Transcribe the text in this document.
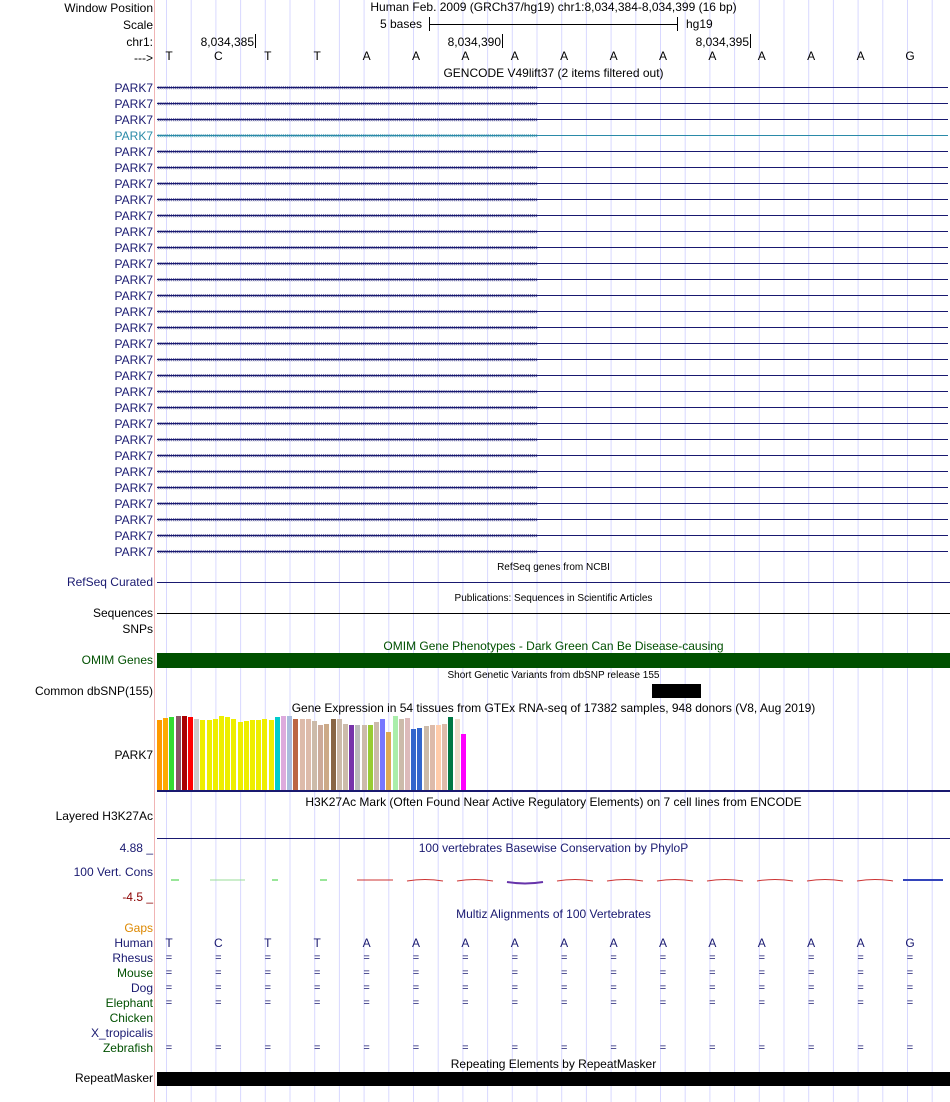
Window Position	Human Feb. 2009 (GRCh37/hg19) chr1:8,034,384-8,034,399 (16 bp)
Scale	5 bases	hg19
chr1:	8,034,385	8,034,390	8,034,395
--->	T	C	T	T	A	A	A	A	A	A	A	A	A	A	A	G
GENCODE V49lift37 (2 items filtered out)
››››››››››››››››››››››››››››››››››››››››››››››››››››››››››››››››››››››››››››››››››››››››››››››››››››››››››››››››››››››››››››››››››››››››››››››››››››››››››››››››››››››››››››››››››››››››››››››››››››››››
PARK7
››››››››››››››››››››››››››››››››››››››››››››››››››››››››››››››››››››››››››››››››››››››››››››››››››››››››››››››››››››››››››››››››››››››››››››››››››››››››››››››››››››››››››››››››››››››››››››››››››››››››
PARK7
››››››››››››››››››››››››››››››››››››››››››››››››››››››››››››››››››››››››››››››››››››››››››››››››››››››››››››››››››››››››››››››››››››››››››››››››››››››››››››››››››››››››››››››››››››››››››››››››››››››››
PARK7
››››››››››››››››››››››››››››››››››››››››››››››››››››››››››››››››››››››››››››››››››››››››››››››››››››››››››››››››››››››››››››››››››››››››››››››››››››››››››››››››››››››››››››››››››››››››››››››››››››››››
PARK7
››››››››››››››››››››››››››››››››››››››››››››››››››››››››››››››››››››››››››››››››››››››››››››››››››››››››››››››››››››››››››››››››››››››››››››››››››››››››››››››››››››››››››››››››››››››››››››››››››››››››
PARK7
››››››››››››››››››››››››››››››››››››››››››››››››››››››››››››››››››››››››››››››››››››››››››››››››››››››››››››››››››››››››››››››››››››››››››››››››››››››››››››››››››››››››››››››››››››››››››››››››››››››››
PARK7
››››››››››››››››››››››››››››››››››››››››››››››››››››››››››››››››››››››››››››››››››››››››››››››››››››››››››››››››››››››››››››››››››››››››››››››››››››››››››››››››››››››››››››››››››››››››››››››››››››››››
PARK7
››››››››››››››››››››››››››››››››››››››››››››››››››››››››››››››››››››››››››››››››››››››››››››››››››››››››››››››››››››››››››››››››››››››››››››››››››››››››››››››››››››››››››››››››››››››››››››››››››››››››
PARK7
››››››››››››››››››››››››››››››››››››››››››››››››››››››››››››››››››››››››››››››››››››››››››››››››››››››››››››››››››››››››››››››››››››››››››››››››››››››››››››››››››››››››››››››››››››››››››››››››››››››››
PARK7
››››››››››››››››››››››››››››››››››››››››››››››››››››››››››››››››››››››››››››››››››››››››››››››››››››››››››››››››››››››››››››››››››››››››››››››››››››››››››››››››››››››››››››››››››››››››››››››››››››››››
PARK7
››››››››››››››››››››››››››››››››››››››››››››››››››››››››››››››››››››››››››››››››››››››››››››››››››››››››››››››››››››››››››››››››››››››››››››››››››››››››››››››››››››››››››››››››››››››››››››››››››››››››
PARK7
››››››››››››››››››››››››››››››››››››››››››››››››››››››››››››››››››››››››››››››››››››››››››››››››››››››››››››››››››››››››››››››››››››››››››››››››››››››››››››››››››››››››››››››››››››››››››››››››››››››››
PARK7
››››››››››››››››››››››››››››››››››››››››››››››››››››››››››››››››››››››››››››››››››››››››››››››››››››››››››››››››››››››››››››››››››››››››››››››››››››››››››››››››››››››››››››››››››››››››››››››››››››››››
PARK7
››››››››››››››››››››››››››››››››››››››››››››››››››››››››››››››››››››››››››››››››››››››››››››››››››››››››››››››››››››››››››››››››››››››››››››››››››››››››››››››››››››››››››››››››››››››››››››››››››››››››
PARK7
››››››››››››››››››››››››››››››››››››››››››››››››››››››››››››››››››››››››››››››››››››››››››››››››››››››››››››››››››››››››››››››››››››››››››››››››››››››››››››››››››››››››››››››››››››››››››››››››››››››››
PARK7
››››››››››››››››››››››››››››››››››››››››››››››››››››››››››››››››››››››››››››››››››››››››››››››››››››››››››››››››››››››››››››››››››››››››››››››››››››››››››››››››››››››››››››››››››››››››››››››››››››››››
PARK7
››››››››››››››››››››››››››››››››››››››››››››››››››››››››››››››››››››››››››››››››››››››››››››››››››››››››››››››››››››››››››››››››››››››››››››››››››››››››››››››››››››››››››››››››››››››››››››››››››››››››
PARK7
››››››››››››››››››››››››››››››››››››››››››››››››››››››››››››››››››››››››››››››››››››››››››››››››››››››››››››››››››››››››››››››››››››››››››››››››››››››››››››››››››››››››››››››››››››››››››››››››››››››››
PARK7
››››››››››››››››››››››››››››››››››››››››››››››››››››››››››››››››››››››››››››››››››››››››››››››››››››››››››››››››››››››››››››››››››››››››››››››››››››››››››››››››››››››››››››››››››››››››››››››››››››››››
PARK7
››››››››››››››››››››››››››››››››››››››››››››››››››››››››››››››››››››››››››››››››››››››››››››››››››››››››››››››››››››››››››››››››››››››››››››››››››››››››››››››››››››››››››››››››››››››››››››››››››››››››
PARK7
››››››››››››››››››››››››››››››››››››››››››››››››››››››››››››››››››››››››››››››››››››››››››››››››››››››››››››››››››››››››››››››››››››››››››››››››››››››››››››››››››››››››››››››››››››››››››››››››››››››››
PARK7
››››››››››››››››››››››››››››››››››››››››››››››››››››››››››››››››››››››››››››››››››››››››››››››››››››››››››››››››››››››››››››››››››››››››››››››››››››››››››››››››››››››››››››››››››››››››››››››››››››››››
PARK7
››››››››››››››››››››››››››››››››››››››››››››››››››››››››››››››››››››››››››››››››››››››››››››››››››››››››››››››››››››››››››››››››››››››››››››››››››››››››››››››››››››››››››››››››››››››››››››››››››››››››
PARK7
››››››››››››››››››››››››››››››››››››››››››››››››››››››››››››››››››››››››››››››››››››››››››››››››››››››››››››››››››››››››››››››››››››››››››››››››››››››››››››››››››››››››››››››››››››››››››››››››››››››››
PARK7
››››››››››››››››››››››››››››››››››››››››››››››››››››››››››››››››››››››››››››››››››››››››››››››››››››››››››››››››››››››››››››››››››››››››››››››››››››››››››››››››››››››››››››››››››››››››››››››››››››››››
PARK7
››››››››››››››››››››››››››››››››››››››››››››››››››››››››››››››››››››››››››››››››››››››››››››››››››››››››››››››››››››››››››››››››››››››››››››››››››››››››››››››››››››››››››››››››››››››››››››››››››››››››
PARK7
››››››››››››››››››››››››››››››››››››››››››››››››››››››››››››››››››››››››››››››››››››››››››››››››››››››››››››››››››››››››››››››››››››››››››››››››››››››››››››››››››››››››››››››››››››››››››››››››››››››››
PARK7
››››››››››››››››››››››››››››››››››››››››››››››››››››››››››››››››››››››››››››››››››››››››››››››››››››››››››››››››››››››››››››››››››››››››››››››››››››››››››››››››››››››››››››››››››››››››››››››››››››››››
PARK7
››››››››››››››››››››››››››››››››››››››››››››››››››››››››››››››››››››››››››››››››››››››››››››››››››››››››››››››››››››››››››››››››››››››››››››››››››››››››››››››››››››››››››››››››››››››››››››››››››››››››
PARK7
››››››››››››››››››››››››››››››››››››››››››››››››››››››››››››››››››››››››››››››››››››››››››››››››››››››››››››››››››››››››››››››››››››››››››››››››››››››››››››››››››››››››››››››››››››››››››››››››››››››››
PARK7
RefSeq genes from NCBI
RefSeq Curated
Publications: Sequences in Scientific Articles
Sequences
SNPs
OMIM Gene Phenotypes - Dark Green Can Be Disease-causing
OMIM Genes
Short Genetic Variants from dbSNP release 155
Common dbSNP(155)
Gene Expression in 54 tissues from GTEx RNA-seq of 17382 samples, 948 donors (V8, Aug 2019)
PARK7
H3K27Ac Mark (Often Found Near Active Regulatory Elements) on 7 cell lines from ENCODE
Layered H3K27Ac
100 vertebrates Basewise Conservation by PhyloP
4.88 _
100 Vert. Cons
-4.5 _
Multiz Alignments of 100 Vertebrates
Gaps
Human	T	C	T	T	A	A	A	A	A	A	A	A	A	A	A	G
Rhesus	=	=	=	=	=	=	=	=	=	=	=	=	=	=	=	=
Mouse	=	=	=	=	=	=	=	=	=	=	=	=	=	=	=	=
Dog	=	=	=	=	=	=	=	=	=	=	=	=	=	=	=	=
Elephant	=	=	=	=	=	=	=	=	=	=	=	=	=	=	=	=
Chicken
X_tropicalis
Zebrafish	=	=	=	=	=	=	=	=	=	=	=	=	=	=	=	=
Repeating Elements by RepeatMasker
RepeatMasker
